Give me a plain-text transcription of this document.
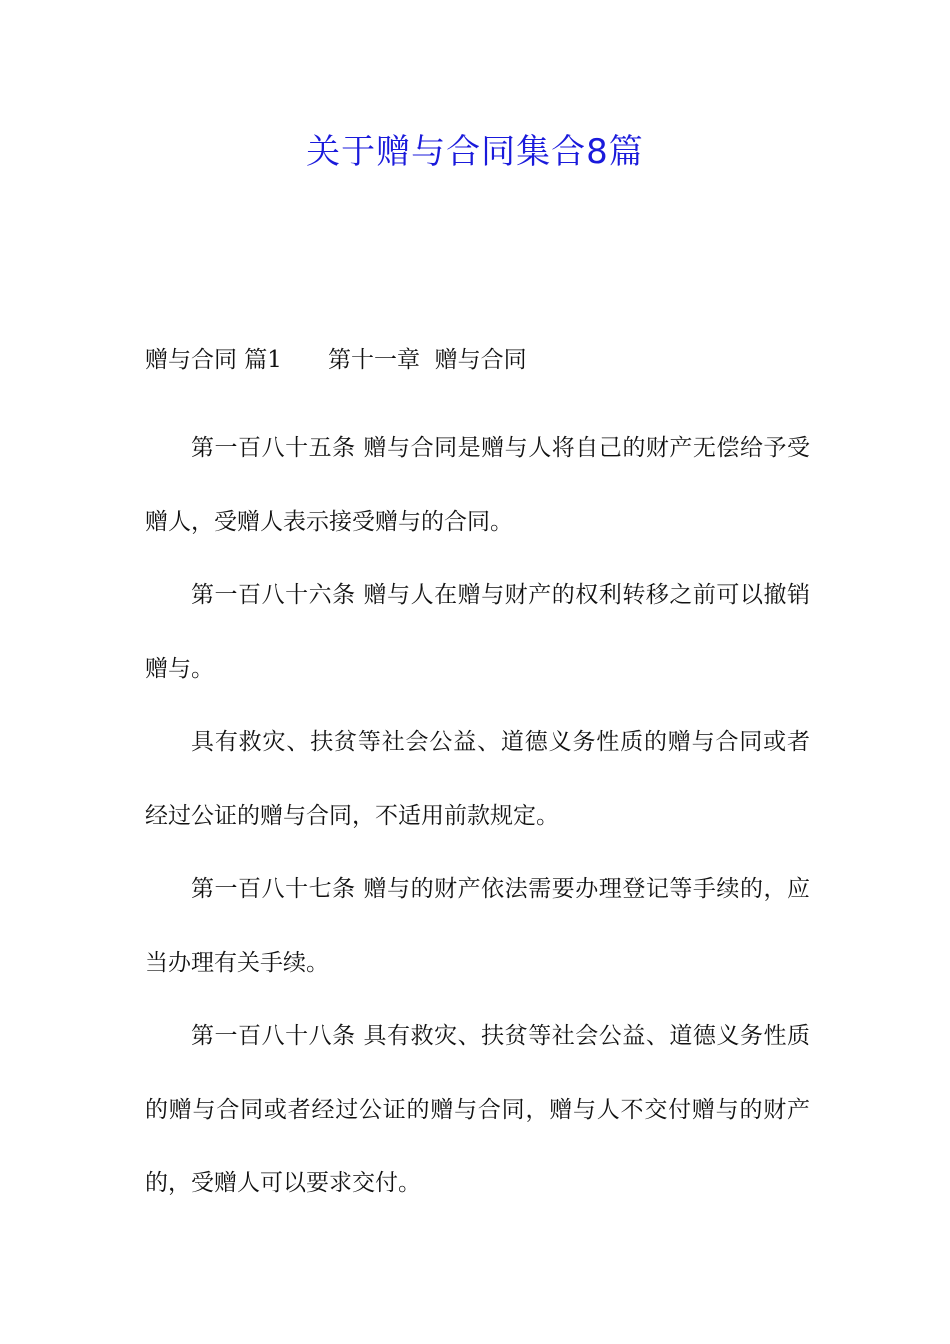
关于赠与合同集合8篇
赠与合同 篇1　　第十一章  赠与合同

第一百八十五条 赠与合同是赠与人将自己的财产无偿给予受赠人，受赠人表示接受赠与的合同。

第一百八十六条 赠与人在赠与财产的权利转移之前可以撤销赠与。

具有救灾、扶贫等社会公益、道德义务性质的赠与合同或者经过公证的赠与合同，不适用前款规定。

第一百八十七条 赠与的财产依法需要办理登记等手续的，应当办理有关手续。

第一百八十八条 具有救灾、扶贫等社会公益、道德义务性质的赠与合同或者经过公证的赠与合同，赠与人不交付赠与的财产的，受赠人可以要求交付。
